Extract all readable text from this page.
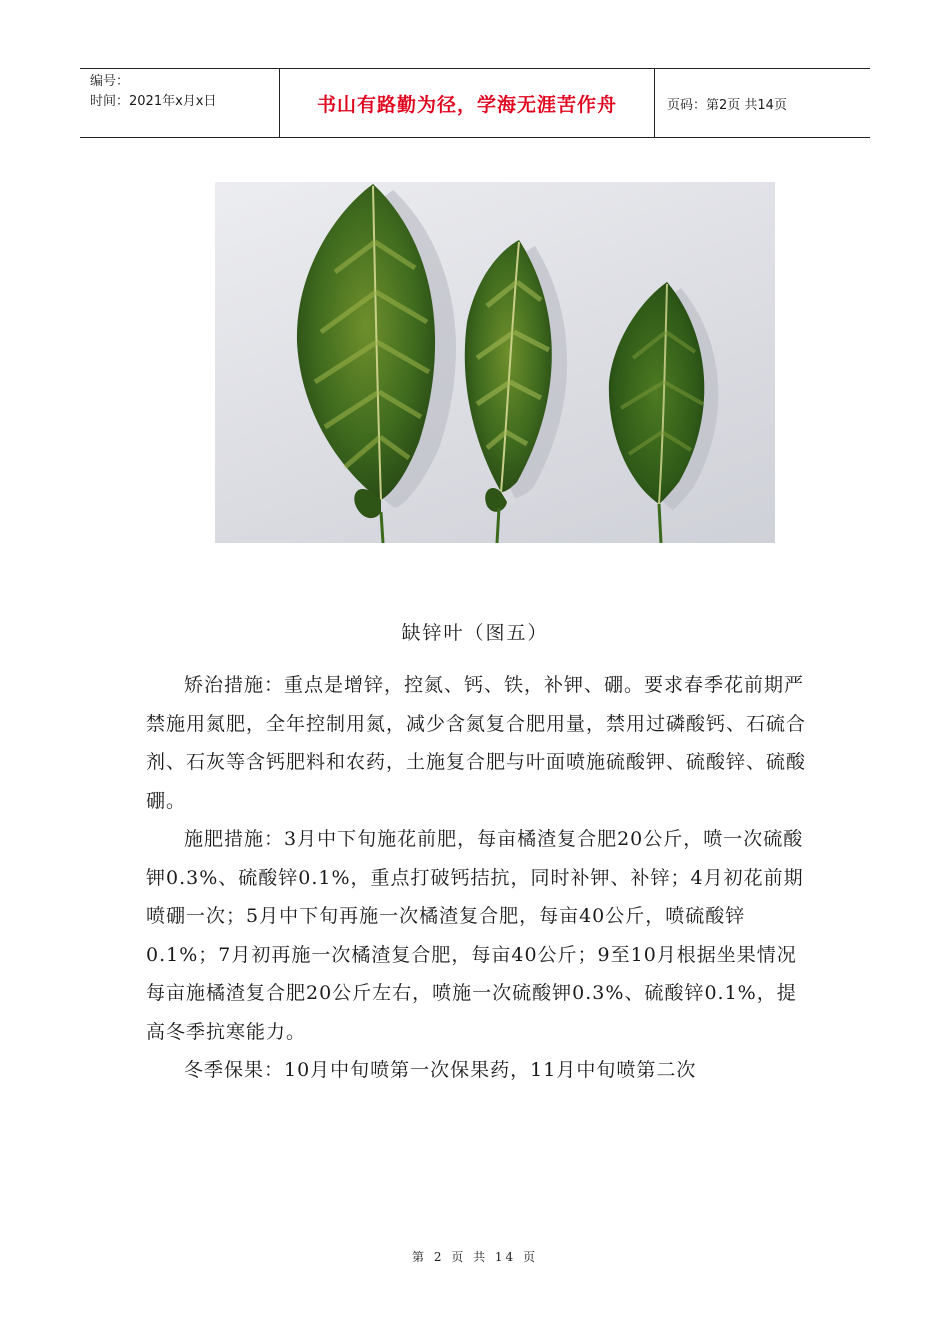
编号：
时间：2021年x月x日	书山有路勤为径，学海无涯苦作舟	页码：第2页 共14页
缺锌叶（图五）

矫治措施：重点是增锌，控氮、钙、铁，补钾、硼。要求春季花前期严禁施用氮肥，全年控制用氮，减少含氮复合肥用量，禁用过磷酸钙、石硫合剂、石灰等含钙肥料和农药，土施复合肥与叶面喷施硫酸钾、硫酸锌、硫酸硼。

施肥措施：3月中下旬施花前肥，每亩橘渣复合肥20公斤，喷一次硫酸钾0.3%、硫酸锌0.1%，重点打破钙拮抗，同时补钾、补锌；4月初花前期喷硼一次；5月中下旬再施一次橘渣复合肥，每亩40公斤，喷硫酸锌0.1%；7月初再施一次橘渣复合肥，每亩40公斤；9至10月根据坐果情况每亩施橘渣复合肥20公斤左右，喷施一次硫酸钾0.3%、硫酸锌0.1%，提高冬季抗寒能力。

冬季保果：10月中旬喷第一次保果药，11月中旬喷第二次

第 2 页 共 14 页
